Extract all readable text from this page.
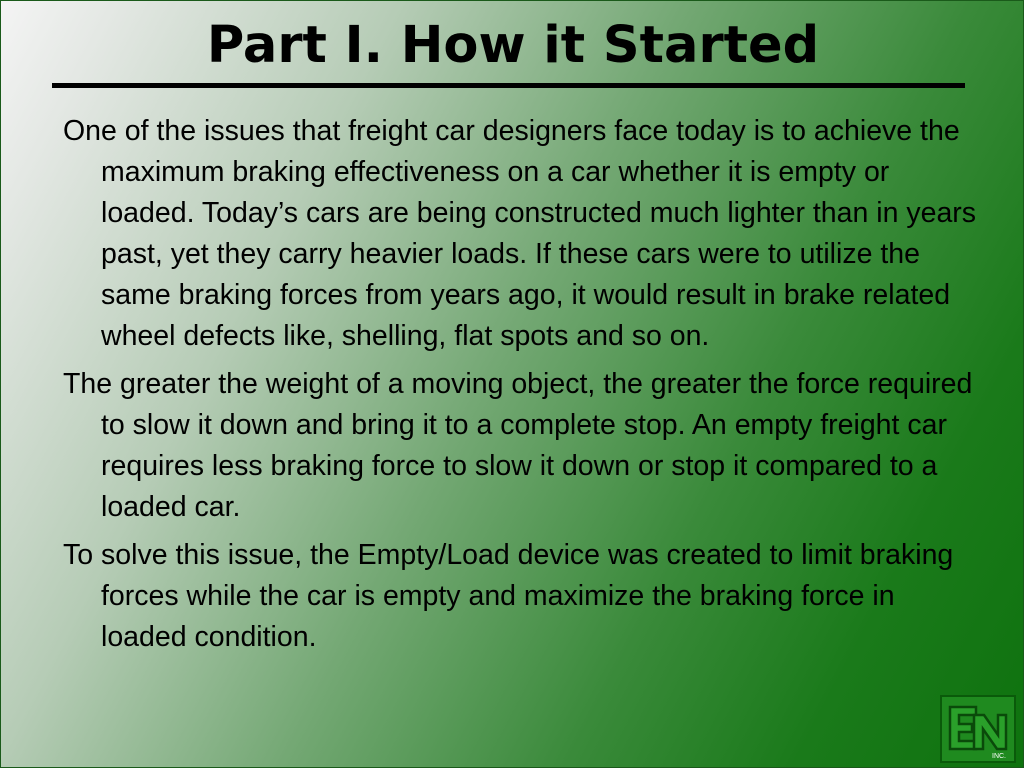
Part I. How it Started

One of the issues that freight car designers face today is to achieve the maximum braking effectiveness on a car whether it is empty or loaded. Today’s cars are being constructed much lighter than in years past, yet they carry heavier loads. If these cars were to utilize the same braking forces from years ago, it would result in brake related wheel defects like, shelling, flat spots and so on.

The greater the weight of a moving object, the greater the force required to slow it down and bring it to a complete stop. An empty freight car requires less braking force to slow it down or stop it compared to a loaded car.

To solve this issue, the Empty/Load device was created to limit braking forces while the car is empty and maximize the braking force in loaded condition.

INC.
